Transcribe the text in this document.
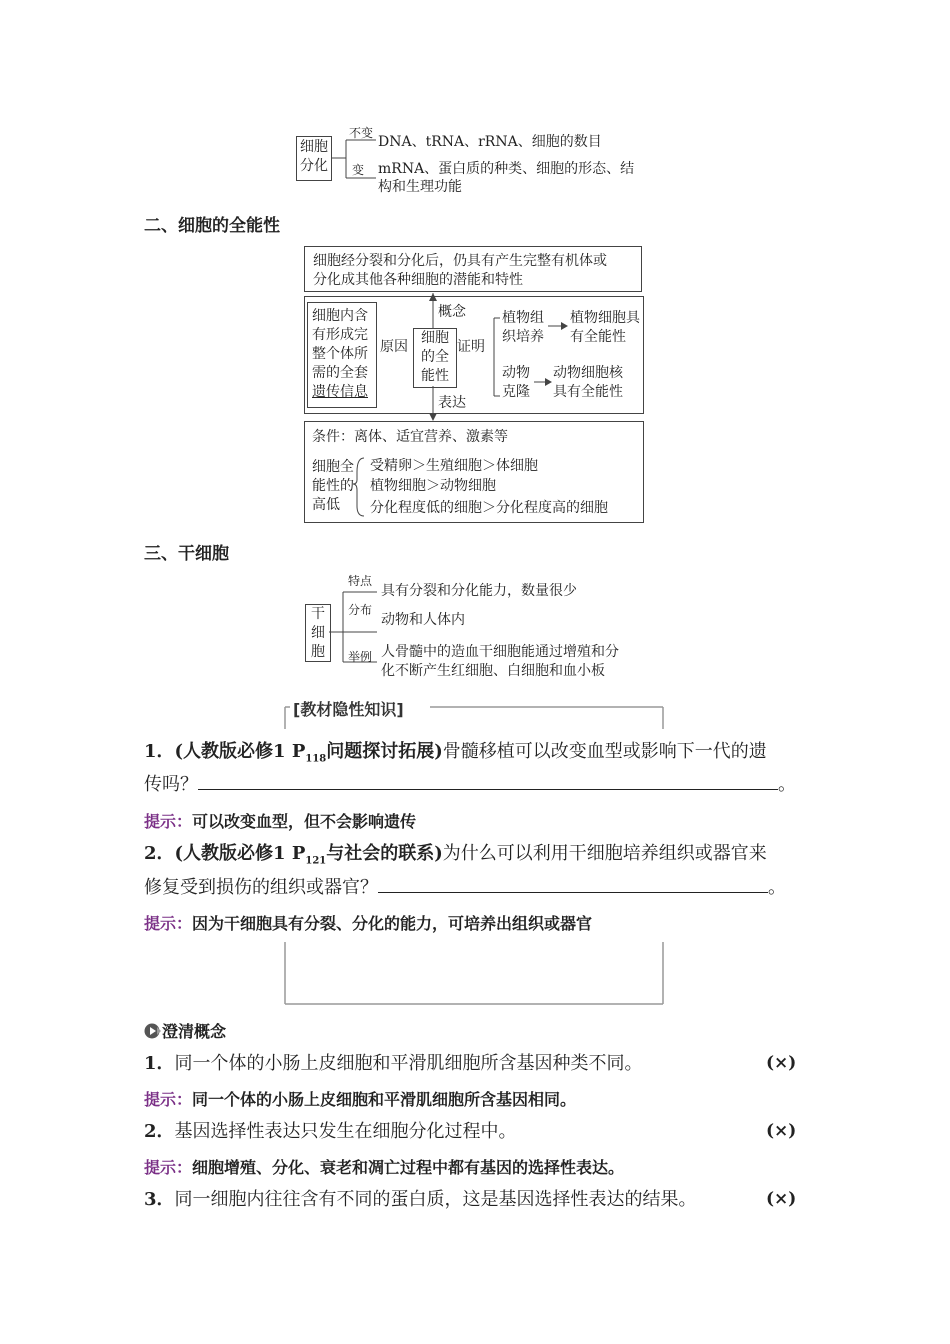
细胞
分化
不变
DNA、tRNA、rRNA、细胞的数目
变 mRNA、蛋白质的种类、细胞的形态、结
构和生理功能
二、细胞的全能性
细胞经分裂和分化后，仍具有产生完整有机体或
分化成其他各种细胞的潜能和特性
概念
细胞内含
有形成完
整个体所
需的全套
遗传信息
原因
细胞
的全
能性
证明
植物组
织培养
植物细胞具
有全能性
动物
克隆
动物细胞核
具有全能性
表达
条件：离体、适宜营养、激素等
细胞全
能性的
高低
受精卵＞生殖细胞＞体细胞
植物细胞＞动物细胞
分化程度低的细胞＞分化程度高的细胞
三、干细胞
干
细
胞
特点
具有分裂和分化能力，数量很少
分布
动物和人体内
举例 人骨髓中的造血干细胞能通过增殖和分
化不断产生红细胞、白细胞和血小板
[教材隐性知识]
1．(人教版必修1 $P_{118}$问题探讨拓展)骨髓移植可以改变血型或影响下一代的遗
传吗？	。
提示：可以改变血型，但不会影响遗传
2．(人教版必修1 $P_{121}$与社会的联系)为什么可以利用干细胞培养组织或器官来
修复受到损伤的组织或器官？	。
提示：因为干细胞具有分裂、分化的能力，可培养出组织或器官
澄清概念
1．同一个体的小肠上皮细胞和平滑肌细胞所含基因种类不同。	(×)
提示：同一个体的小肠上皮细胞和平滑肌细胞所含基因相同。
2．基因选择性表达只发生在细胞分化过程中。	(×)
提示：细胞增殖、分化、衰老和凋亡过程中都有基因的选择性表达。
3．同一细胞内往往含有不同的蛋白质，这是基因选择性表达的结果。	(×)
